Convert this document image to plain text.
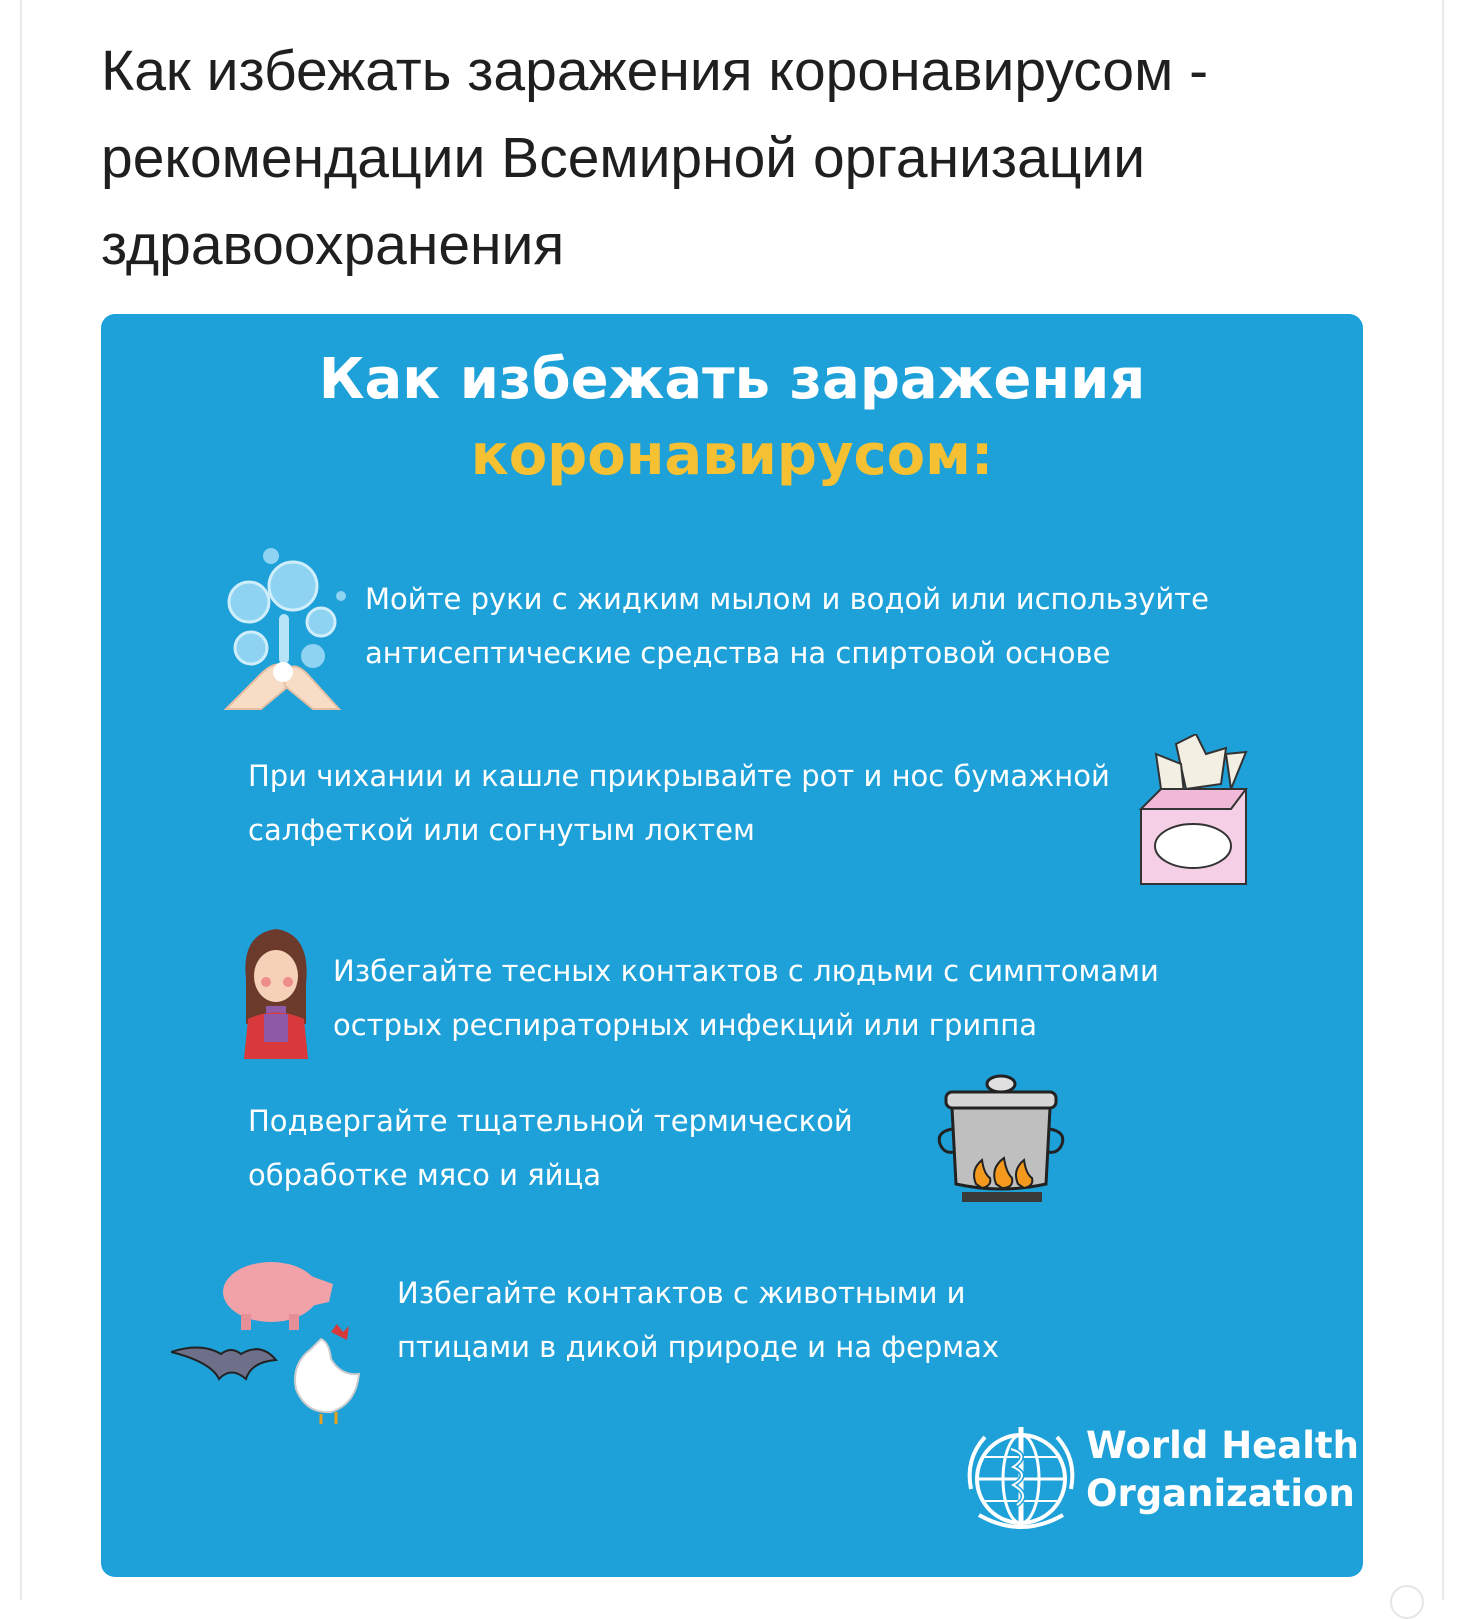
Как избежать заражения коронавирусом - рекомендации Всемирной организации здравоохранения
Как избежать заражения
коронавирусом:
Мойте руки с жидким мылом и водой или используйте
антисептические средства на спиртовой основе
При чихании и кашле прикрывайте рот и нос бумажной
салфеткой или согнутым локтем
Избегайте тесных контактов с людьми с симптомами
острых респираторных инфекций или гриппа
Подвергайте тщательной термической
обработке мясо и яйца
Избегайте контактов с животными и
птицами в дикой природе и на фермах
World Health
Organization
